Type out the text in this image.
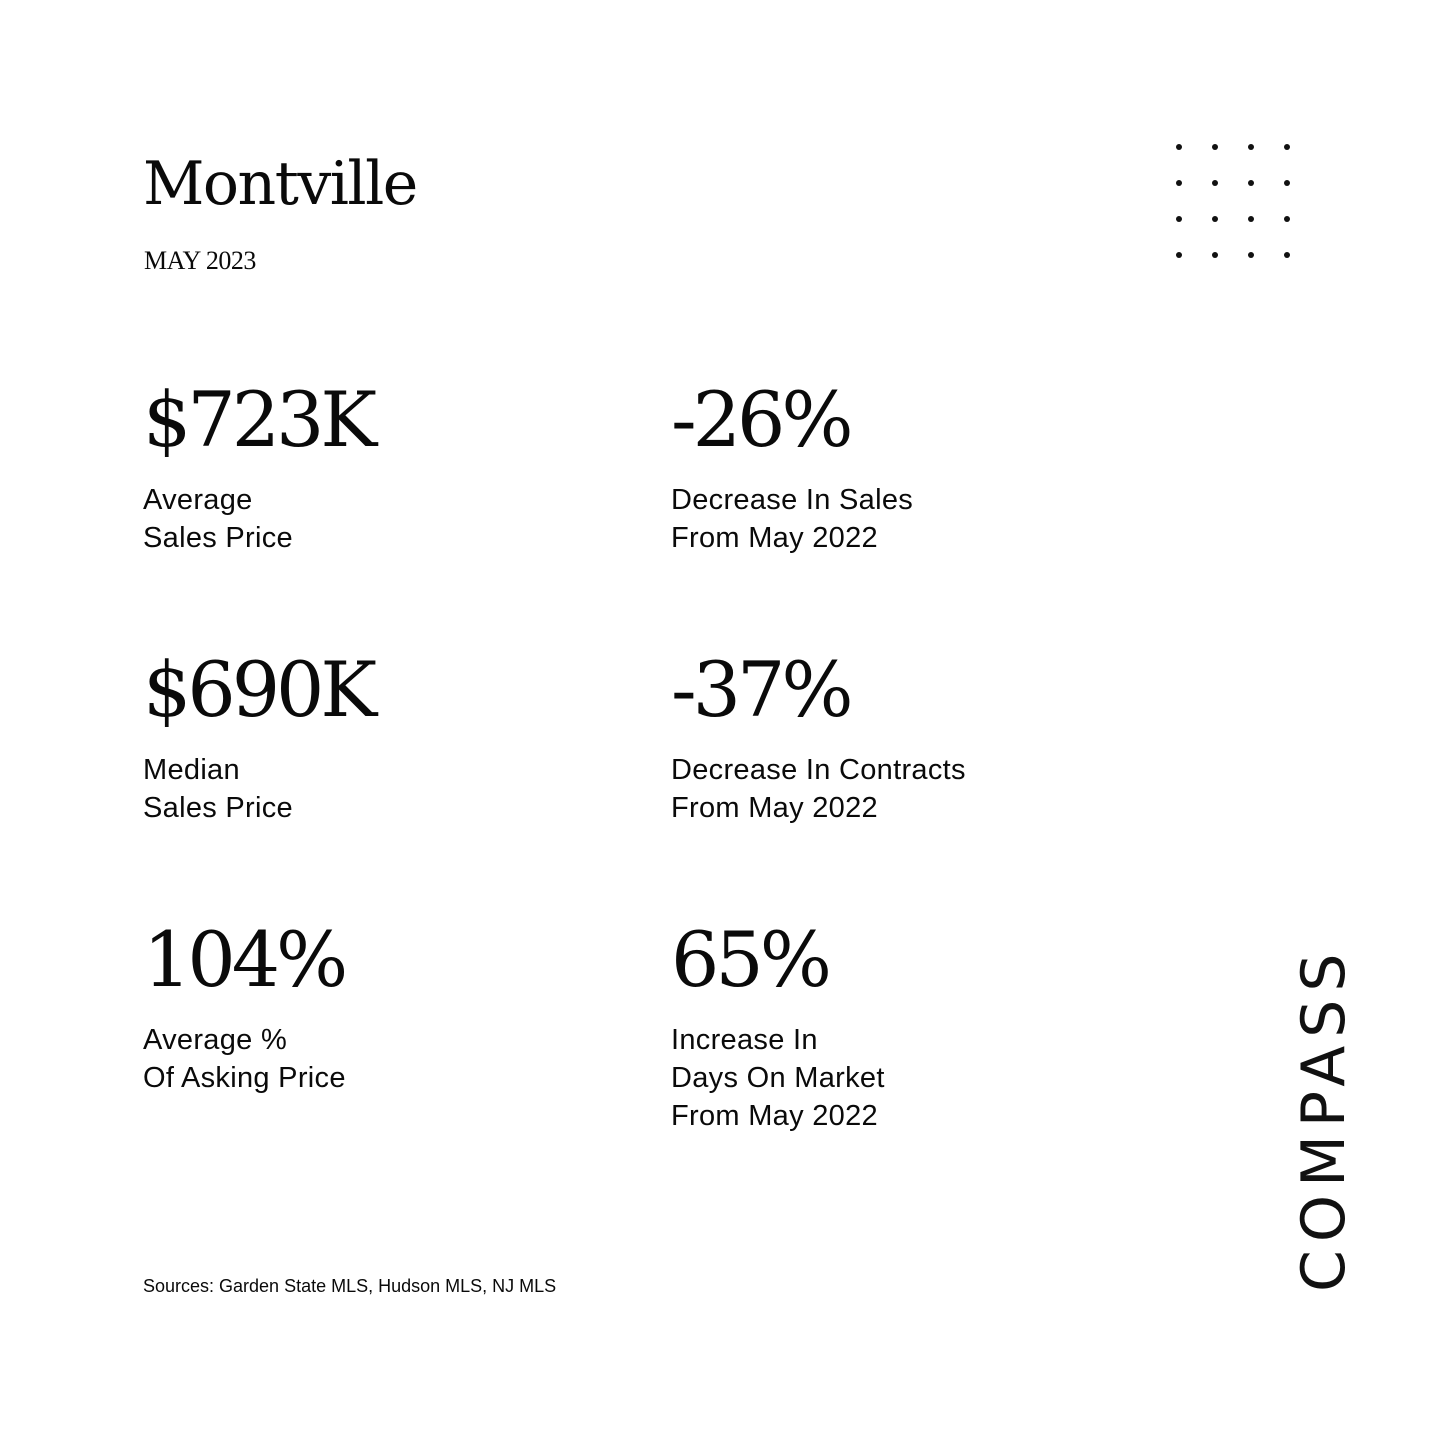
Montville
MAY 2023
$723K
Average
Sales Price
-26%
Decrease In Sales
From May 2022
$690K
Median
Sales Price
-37%
Decrease In Contracts
From May 2022
104%
Average %
Of Asking Price
65%
Increase In
Days On Market
From May 2022
Sources: Garden State MLS, Hudson MLS, NJ MLS	COMPASS
